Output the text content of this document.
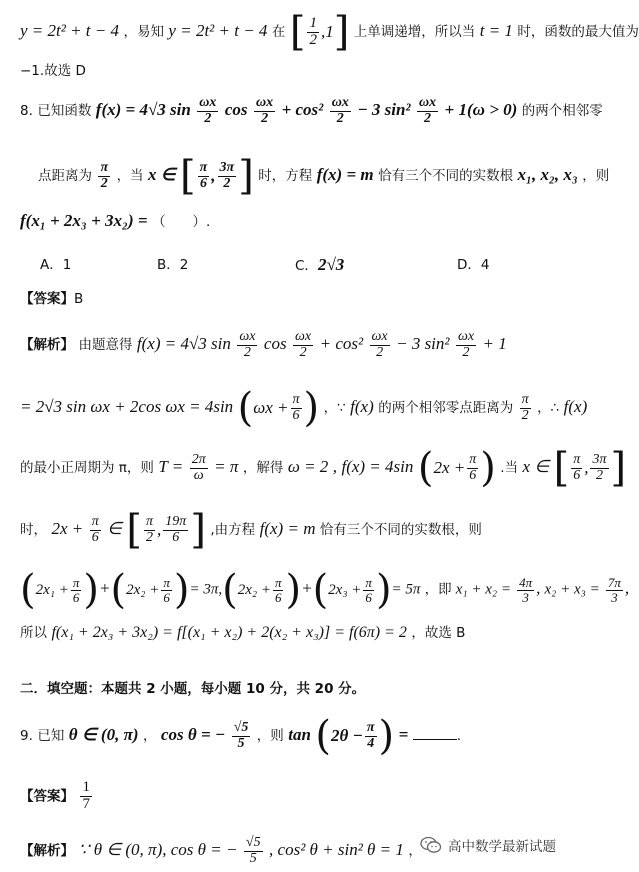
y = 2t² + t − 4 ，易知 y = 2t² + t − 4 在 [ 1
2 , 1 ] 上单调递增，所以当 t = 1 时，函数的最大值为
−1.故选 D
8. 已知函数 f(x) = 4√3 $\sin \frac{\omega x}{2}$ $\cos \frac{\omega x}{2} + \cos^2 \frac{\omega x}{2} - 3$ $\sin^2 \frac{\omega x}{2} + 1(\omega > 0)$ 的两个相邻零
点距离为 $\frac{\pi}{2}$ ，当 x ∈ [ π
6 , 3π
2 ] 时，方程 f(x) = m 恰有三个不同的实数根 x₁, x₂, x₃ ，则
f(x₁ + 2x₃ + 3x₂) = （　　）.
A．1	B．2	C．2√3	D．4
【答案】B
【解析】 由题意得 f(x) = 4√3 $\sin \frac{\omega x}{2}$ $\cos \frac{\omega x}{2} + \cos^2 \frac{\omega x}{2} - 3$ $\sin^2 \frac{\omega x}{2} + 1$
= 2√3 sin ωx + 2cos ωx = 4sin ( $\omega x + \frac{\pi}{6}$ ) ，∵ f(x) 的两个相邻零点距离为 $\frac{\pi}{2}$ ，∴ f(x)
的最小正周期为 π，则 $T = \frac{2\pi}{\omega} = \pi$ ，解得 ω = 2 , f(x) = 4sin ( $2x + \frac{\pi}{6}$ ) .当 x ∈ [ π
6 , 3π
2 ]
时， $2x + \frac{\pi}{6}$ ∈ [ π
2 , 19π
6 ] ,由方程 f(x) = m 恰有三个不同的实数根，则
( $2x_1 + \frac{\pi}{6}$ ) + ( $2x_2 + \frac{\pi}{6}$ ) = 3π, ( $2x_2 + \frac{\pi}{6}$ ) + ( $2x_3 + \frac{\pi}{6}$ ) = 5π ，即 $x_1 + x_2 = \frac{4\pi}{3}$ , $x_2 + x_3 = \frac{7\pi}{3}$ ,
所以 f(x₁ + 2x₃ + 3x₂) = f[(x₁ + x₂) + 2(x₂ + x₃)] = f(6π) = 2 ，故选 B
二．填空题：本题共 2 小题，每小题 10 分，共 20 分。
9. 已知 θ ∈ (0, π) ， cos θ = − $\frac{√5}{5}$ ，则 tan ( $2\theta - \frac{\pi}{4}$ ) =	.
【答案】 $\frac{1}{7}$
【解析】 ∵ θ ∈ (0, π), cos θ = − $\frac{√5}{5}$ , cos² θ + sin² θ = 1 ， 高中数学最新试题
